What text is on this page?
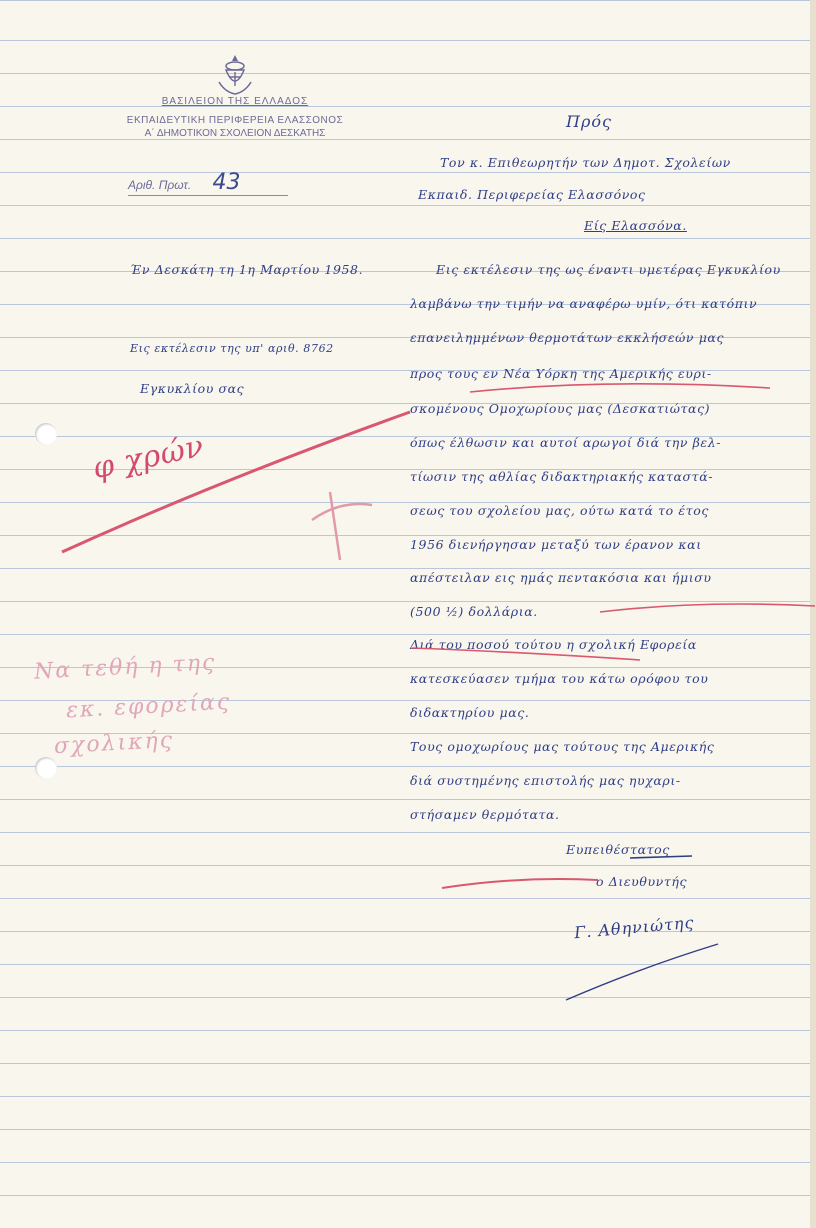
ΒΑΣΙΛΕΙΟΝ ΤΗΣ ΕΛΛΑΔΟΣ
ΕΚΠΑΙΔΕΥΤΙΚΗ ΠΕΡΙΦΕΡΕΙΑ ΕΛΑΣΣΟΝΟΣ
Α΄ ΔΗΜΟΤΙΚΟΝ ΣΧΟΛΕΙΟΝ ΔΕΣΚΑΤΗΣ
Αριθ. Πρωτ. 43
Πρός
Τον κ. Επιθεωρητήν των Δημοτ. Σχολείων
Εκπαιδ. Περιφερείας Ελασσόνος
Είς Ελασσόνα.
Έν Δεσκάτη τη 1η Μαρτίου 1958.
Εις εκτέλεσιν της υπ' αριθ. 8762
Εγκυκλίου σας
Εις εκτέλεσιν της ως έναντι υμετέρας Εγκυκλίου
λαμβάνω την τιμήν να αναφέρω υμίν, ότι κατόπιν
επανειλημμένων θερμοτάτων εκκλήσεών μας
προς τους εν Νέα Υόρκη της Αμερικής ευρι-
σκομένους Ομοχωρίους μας (Δεσκατιώτας)
όπως έλθωσιν και αυτοί αρωγοί διά την βελ-
τίωσιν της αθλίας διδακτηριακής καταστά-
σεως του σχολείου μας, ούτω κατά το έτος
1956 διενήργησαν μεταξύ των έρανον και
απέστειλαν εις ημάς πεντακόσια και ήμισυ
(500 ½) δολλάρια.
Διά του ποσού τούτου η σχολική Εφορεία
κατεσκεύασεν τμήμα του κάτω ορόφου του
διδακτηρίου μας.
Τους ομοχωρίους μας τούτους της Αμερικής
διά συστημένης επιστολής μας ηυχαρι-
στήσαμεν θερμότατα.
Ευπειθέστατος
ο Διευθυντής
Γ. Αθηνιώτης
φ χρών
Να τεθή η της
εκ. εφορείας
σχολικής
